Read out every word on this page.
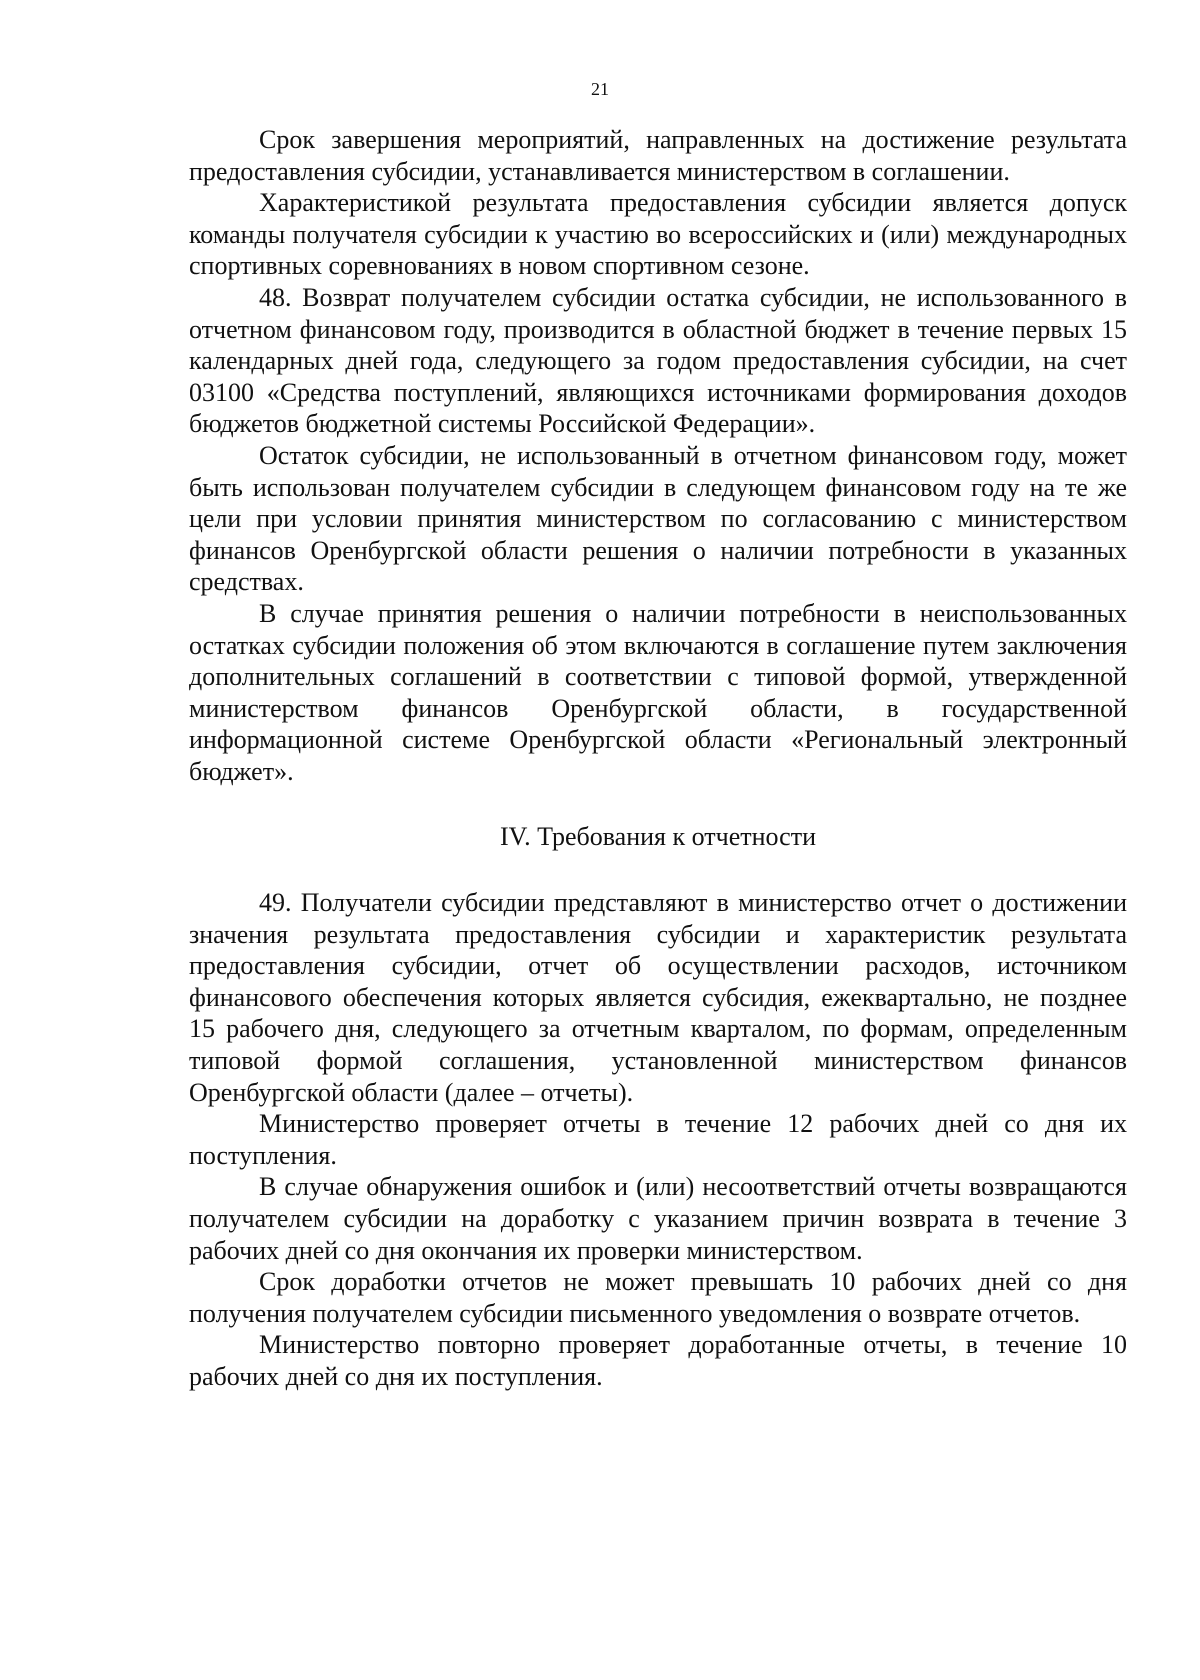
21

Срок завершения мероприятий, направленных на достижение результата предоставления субсидии, устанавливается министерством в соглашении.

Характеристикой результата предоставления субсидии является допуск команды получателя субсидии к участию во всероссийских и (или) международных спортивных соревнованиях в новом спортивном сезоне.

48. Возврат получателем субсидии остатка субсидии, не использованного в отчетном финансовом году, производится в областной бюджет в течение первых 15 календарных дней года, следующего за годом предоставления субсидии, на счет 03100 «Средства поступлений, являющихся источниками формирования доходов бюджетов бюджетной системы Российской Федерации».

Остаток субсидии, не использованный в отчетном финансовом году, может быть использован получателем субсидии в следующем финансовом году на те же цели при условии принятия министерством по согласованию с министерством финансов Оренбургской области решения о наличии потребности в указанных средствах.

В случае принятия решения о наличии потребности в неиспользованных остатках субсидии положения об этом включаются в соглашение путем заключения дополнительных соглашений в соответствии с типовой формой, утвержденной министерством финансов Оренбургской области, в государственной информационной системе Оренбургской области «Региональный электронный бюджет».

IV. Требования к отчетности

49. Получатели субсидии представляют в министерство отчет о достижении значения результата предоставления субсидии и характеристик результата предоставления субсидии, отчет об осуществлении расходов, источником финансового обеспечения которых является субсидия, ежеквартально, не позднее 15 рабочего дня, следующего за отчетным кварталом, по формам, определенным типовой формой соглашения, установленной министерством финансов Оренбургской области (далее – отчеты).

Министерство проверяет отчеты в течение 12 рабочих дней со дня их поступления.

В случае обнаружения ошибок и (или) несоответствий отчеты возвращаются получателем субсидии на доработку с указанием причин возврата в течение 3 рабочих дней со дня окончания их проверки министерством.

Срок доработки отчетов не может превышать 10 рабочих дней со дня получения получателем субсидии письменного уведомления о возврате отчетов.

Министерство повторно проверяет доработанные отчеты, в течение 10 рабочих дней со дня их поступления.
